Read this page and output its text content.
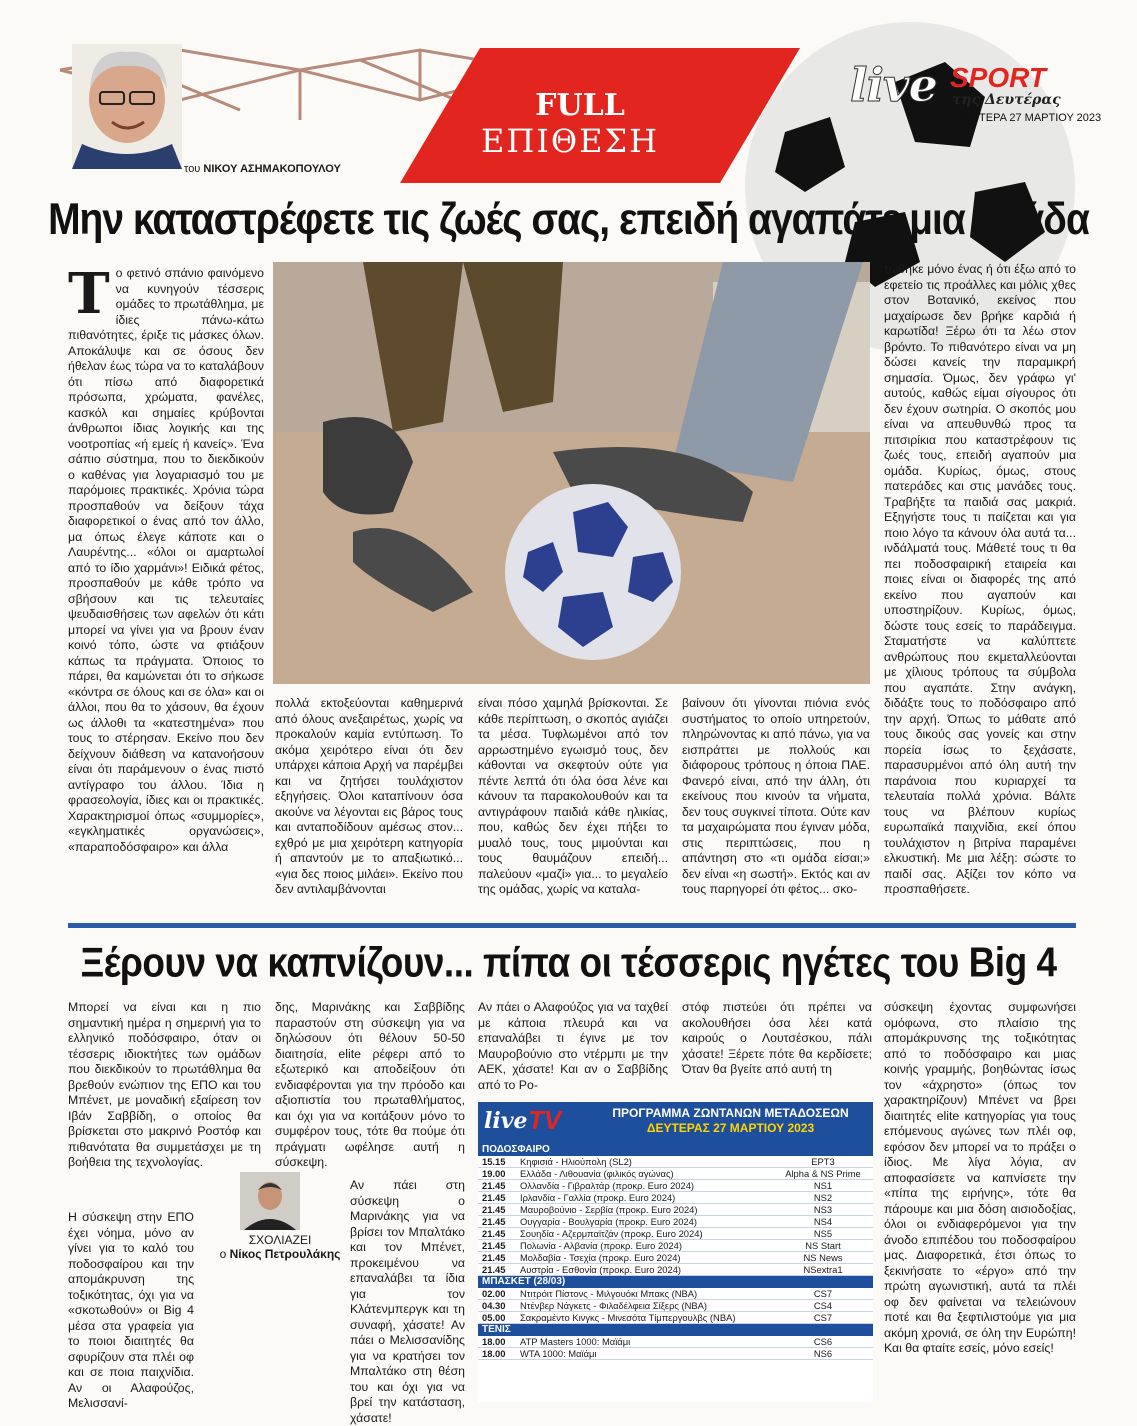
FULL
ΕΠΙΘΕΣΗ
του ΝΙΚΟΥ ΑΣΗΜΑΚΟΠΟΥΛΟΥ
live SPORT
της Δευτέρας
ΔΕΥΤΕΡΑ 27 ΜΑΡΤΙΟΥ 2023
Μην καταστρέφετε τις ζωές σας, επειδή αγαπάτε μια ομάδα
Το φετινό σπάνιο φαινόμενο να κυνηγούν τέσσερις ομάδες το πρωτάθλημα, με ίδιες πάνω-κάτω πιθανότητες, έριξε τις μάσκες όλων. Αποκάλυψε και σε όσους δεν ήθελαν έως τώρα να το καταλάβουν ότι πίσω από διαφορετικά πρόσωπα, χρώματα, φανέλες, κασκόλ και σημαίες κρύβονται άνθρωποι ίδιας λογικής και της νοοτροπίας «ή εμείς ή κανείς». Ένα σάπιο σύστημα, που το διεκδικούν ο καθένας για λογαριασμό του με παρόμοιες πρακτικές. Χρόνια τώρα προσπαθούν να δείξουν τάχα διαφορετικοί ο ένας από τον άλλο, μα όπως έλεγε κάποτε και ο Λαυρέντης... «όλοι οι αμαρτωλοί από το ίδιο χαρμάνι»! Ειδικά φέτος, προσπαθούν με κάθε τρόπο να σβήσουν και τις τελευταίες ψευδαισθήσεις των αφελών ότι κάτι μπορεί να γίνει για να βρουν έναν κοινό τόπο, ώστε να φτιάξουν κάπως τα πράγματα. Όποιος το πάρει, θα καμώνεται ότι το σήκωσε «κόντρα σε όλους και σε όλα» και οι άλλοι, που θα το χάσουν, θα έχουν ως άλλοθι τα «κατεστημένα» που τους το στέρησαν. Εκείνο που δεν δείχνουν διάθεση να κατανοήσουν είναι ότι παράμενουν ο ένας πιστό αντίγραφο του άλλου. Ίδια η φρασεολογία, ίδιες και οι πρακτικές. Χαρακτηρισμοί όπως «συμμορίες», «εγκληματικές οργανώσεις», «παραποδόσφαιρο» και άλλα
πολλά εκτοξεύονται καθημερινά από όλους ανεξαιρέτως, χωρίς να προκαλούν καμία εντύπωση. Το ακόμα χειρότερο είναι ότι δεν υπάρχει κάποια Αρχή να παρέμβει και να ζητήσει τουλάχιστον εξηγήσεις. Όλοι καταπίνουν όσα ακούνε να λέγονται εις βάρος τους και ανταποδίδουν αμέσως στον... εχθρό με μια χειρότερη κατηγορία ή απαντούν με το απαξιωτικό... «για δες ποιος μιλάει». Εκείνο που δεν αντιλαμβάνονται
είναι πόσο χαμηλά βρίσκονται. Σε κάθε περίπτωση, ο σκοπός αγιάζει τα μέσα. Τυφλωμένοι από τον αρρωστημένο εγωισμό τους, δεν κάθονται να σκεφτούν ούτε για πέντε λεπτά ότι όλα όσα λένε και κάνουν τα παρακολουθούν και τα αντιγράφουν παιδιά κάθε ηλικίας, που, καθώς δεν έχει πήξει το μυαλό τους, τους μιμούνται και τους θαυμάζουν επειδή... παλεύουν «μαζί» για... το μεγαλείο της ομάδας, χωρίς να καταλα-
βαίνουν ότι γίνονται πιόνια ενός συστήματος το οποίο υπηρετούν, πληρώνοντας κι από πάνω, για να εισπράττει με πολλούς και διάφορους τρόπους η όποια ΠΑΕ. Φανερό είναι, από την άλλη, ότι εκείνους που κινούν τα νήματα, δεν τους συγκινεί τίποτα. Ούτε καν τα μαχαιρώματα που έγιναν μόδα, στις περιπτώσεις, που η απάντηση στο «τι ομάδα είσαι;» δεν είναι «η σωστή». Εκτός και αν τους παρηγορεί ότι φέτος... σκο-
τώθηκε μόνο ένας ή ότι έξω από το εφετείο τις προάλλες και μόλις χθες στον Βοτανικό, εκείνος που μαχαίρωσε δεν βρήκε καρδιά ή καρωτίδα! Ξέρω ότι τα λέω στον βρόντο. Το πιθανότερο είναι να μη δώσει κανείς την παραμικρή σημασία. Όμως, δεν γράφω γι' αυτούς, καθώς είμαι σίγουρος ότι δεν έχουν σωτηρία. Ο σκοπός μου είναι να απευθυνθώ προς τα πιτσιρίκια που καταστρέφουν τις ζωές τους, επειδή αγαπούν μια ομάδα. Κυρίως, όμως, στους πατεράδες και στις μανάδες τους. Τραβήξτε τα παιδιά σας μακριά. Εξηγήστε τους τι παίζεται και για ποιο λόγο τα κάνουν όλα αυτά τα... ινδάλματά τους. Μάθετέ τους τι θα πει ποδοσφαιρική εταιρεία και ποιες είναι οι διαφορές της από εκείνο που αγαπούν και υποστηρίζουν. Κυρίως, όμως, δώστε τους εσείς το παράδειγμα. Σταματήστε να καλύπτετε ανθρώπους που εκμεταλλεύονται με χίλιους τρόπους τα σύμβολα που αγαπάτε. Στην ανάγκη, διδάξτε τους το ποδόσφαιρο από την αρχή. Όπως το μάθατε από τους δικούς σας γονείς και στην πορεία ίσως το ξεχάσατε, παρασυρμένοι από όλη αυτή την παράνοια που κυριαρχεί τα τελευταία πολλά χρόνια. Βάλτε τους να βλέπουν κυρίως ευρωπαϊκά παιχνίδια, εκεί όπου τουλάχιστον η βιτρίνα παραμένει ελκυστική. Με μια λέξη: σώστε το παιδί σας. Αξίζει τον κόπο να προσπαθήσετε.
Ξέρουν να καπνίζουν... πίπα οι τέσσερις ηγέτες του Big 4
Μπορεί να είναι και η πιο σημαντική ημέρα η σημερινή για το ελληνικό ποδόσφαιρο, όταν οι τέσσερις ιδιοκτήτες των ομάδων που διεκδικούν το πρωτάθλημα θα βρεθούν ενώπιον της ΕΠΟ και του Μπένετ, με μοναδική εξαίρεση τον Ιβάν Σαββίδη, ο οποίος θα βρίσκεται στο μακρινό Ροστόφ και πιθανότατα θα συμμετάσχει με τη βοήθεια της τεχνολογίας.
Η σύσκεψη στην ΕΠΟ έχει νόημα, μόνο αν γίνει για το καλό του ποδοσφαίρου και την απομάκρυνση της τοξικότητας, όχι για να «σκοτωθούν» οι Big 4 μέσα στα γραφεία για το ποιοι διαιτητές θα σφυρίζουν στα πλέι οφ και σε ποια παιχνίδια. Αν οι Αλαφούζος, Μελισσανί-
ΣΧΟΛΙΑΖΕΙ
ο Νίκος Πετρουλάκης
δης, Μαρινάκης και Σαββίδης παραστούν στη σύσκεψη για να δηλώσουν ότι θέλουν 50-50 διαιτησία, elite ρέφερι από το εξωτερικό και αποδείξουν ότι ενδιαφέρονται για την πρόοδο και αξιοπιστία του πρωταθλήματος, και όχι για να κοιτάξουν μόνο το συμφέρον τους, τότε θα πούμε ότι πράγματι ωφέλησε αυτή η σύσκεψη.
Αν πάει στη σύσκεψη ο Μαρινάκης για να βρίσει τον Μπαλτάκο και τον Μπένετ, προκειμένου να επαναλάβει τα ίδια για τον Κλάτενμπεργκ και τη συναφή, χάσατε! Αν πάει ο Μελισσανίδης για να κρατήσει τον Μπαλτάκο στη θέση του και όχι για να βρεί την κατάσταση, χάσατε!
Αν πάει ο Αλαφούζος για να ταχθεί με κάποια πλευρά και να επαναλάβει τι έγινε με τον Μαυροβούνιο στο ντέρμπι με την ΑΕΚ, χάσατε! Και αν ο Σαββίδης από το Ρο-
στόφ πιστεύει ότι πρέπει να ακολουθήσει όσα λέει κατά καιρούς ο Λουτσέσκου, πάλι χάσατε! Ξέρετε πότε θα κερδίσετε; Όταν θα βγείτε από αυτή τη
σύσκεψη έχοντας συμφωνήσει ομόφωνα, στο πλαίσιο της απομάκρυνσης της τοξικότητας από το ποδόσφαιρο και μιας κοινής γραμμής, βοηθώντας ίσως τον «άχρηστο» (όπως τον χαρακτηρίζουν) Μπένετ να βρει διαιτητές elite κατηγορίας για τους επόμενους αγώνες των πλέι οφ, εφόσον δεν μπορεί να το πράξει ο ίδιος. Με λίγα λόγια, αν αποφασίσετε να καπνίσετε την «πίπα της ειρήνης», τότε θα πάρουμε και μια δόση αισιοδοξίας, όλοι οι ενδιαφερόμενοι για την άνοδο επιπέδου του ποδοσφαίρου μας. Διαφορετικά, έτσι όπως το ξεκινήσατε το «έργο» από την πρώτη αγωνιστική, αυτά τα πλέι οφ δεν φαίνεται να τελειώνουν ποτέ και θα ξεφτιλιστούμε για μια ακόμη χρονιά, σε όλη την Ευρώπη! Και θα φταίτε εσείς, μόνο εσείς!
live TV	ΠΡΟΓΡΑΜΜΑ ΖΩΝΤΑΝΩΝ ΜΕΤΑΔΟΣΕΩΝ
ΔΕΥΤΕΡΑΣ 27 ΜΑΡΤΙΟΥ 2023
ΠΟΔΟΣΦΑΙΡΟ
15.15 Κηφισιά - Ηλιούπολη (SL2)	ΕΡΤ3
19.00 Ελλάδα - Λιθουανία (φιλικός αγώνας)	Alpha & NS Prime
21.45 Ολλανδία - Γιβραλτάρ (προκρ. Euro 2024)	NS1
21.45 Ιρλανδία - Γαλλία (προκρ. Euro 2024)	NS2
21.45 Μαυροβούνιο - Σερβία (προκρ. Euro 2024)	NS3
21.45 Ουγγαρία - Βουλγαρία (προκρ. Euro 2024)	NS4
21.45 Σουηδία - Αζερμπαϊτζάν (προκρ. Euro 2024)	NS5
21.45 Πολωνία - Αλβανία (προκρ. Euro 2024)	NS Start
21.45 Μολδαβία - Τσεχία (προκρ. Euro 2024)	NS News
21.45 Αυστρία - Εσθονία (προκρ. Euro 2024)	NSextra1
ΜΠΑΣΚΕΤ (28/03)
02.00 Ντιτρόιτ Πίστονς - Μιλγουόκι Μπακς (NBA)	CS7
04.30 Ντένβερ Νάγκετς - Φιλαδέλφεια Σίξερς (NBA)	CS4
05.00 Σακραμέντο Κινγκς - Μινεσότα Τίμπεργουλβς (NBA)	CS7
ΤΕΝΙΣ
18.00 ATP Masters 1000: Μαϊάμι	CS6
18.00 WTA 1000: Μαϊάμι	NS6
